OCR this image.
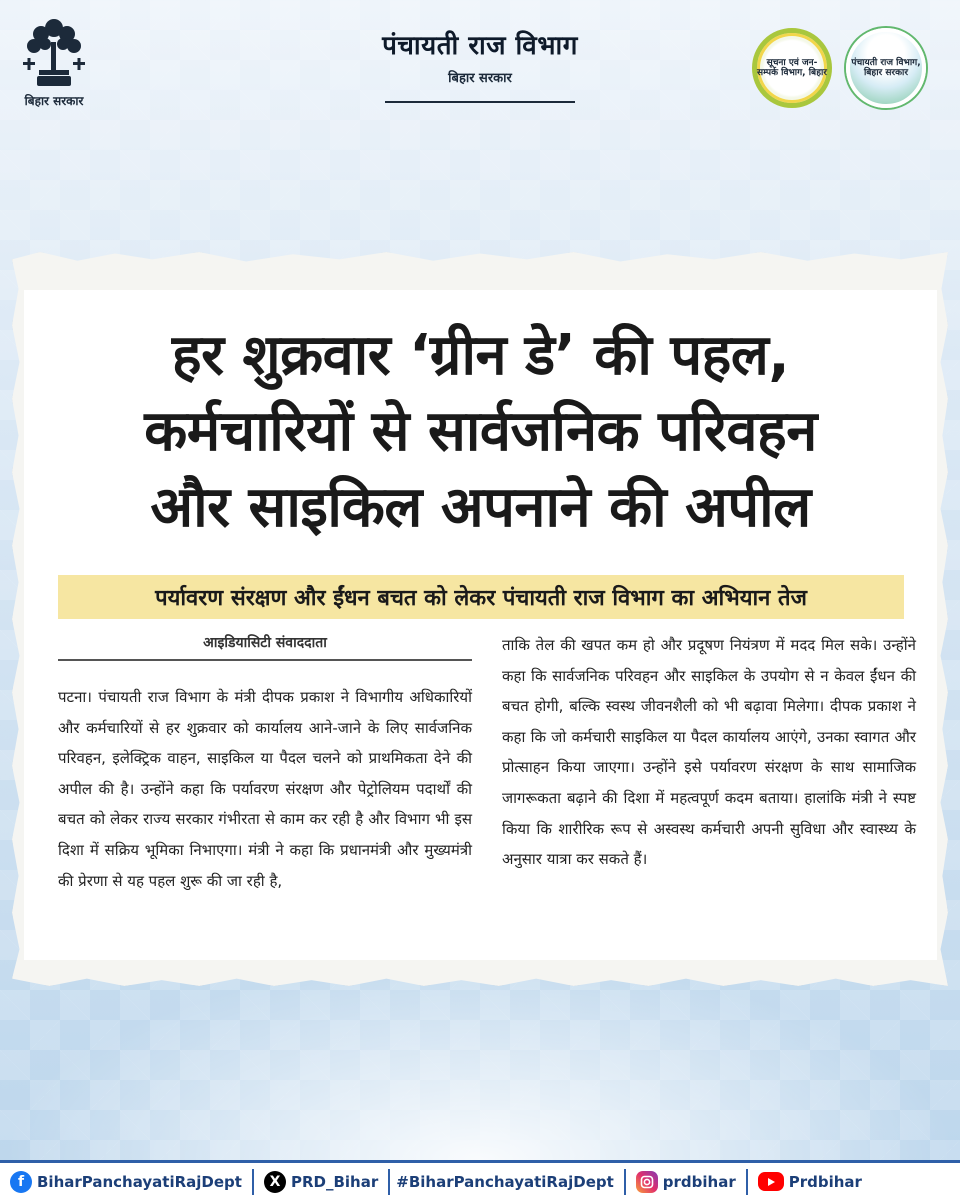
बिहार सरकार
पंचायती राज विभाग
बिहार सरकार
सूचना एवं जन-सम्पर्क विभाग, बिहार
पंचायती राज विभाग, बिहार सरकार
हर शुक्रवार ‘ग्रीन डे’ की पहल,
कर्मचारियों से सार्वजनिक परिवहन
और साइकिल अपनाने की अपील
पर्यावरण संरक्षण और ईंधन बचत को लेकर पंचायती राज विभाग का अभियान तेज
आइडियासिटी संवाददाता
पटना। पंचायती राज विभाग के मंत्री दीपक प्रकाश ने विभागीय अधिकारियों और कर्मचारियों से हर शुक्रवार को कार्यालय आने-जाने के लिए सार्वजनिक परिवहन, इलेक्ट्रिक वाहन, साइकिल या पैदल चलने को प्राथमिकता देने की अपील की है। उन्होंने कहा कि पर्यावरण संरक्षण और पेट्रोलियम पदार्थों की बचत को लेकर राज्य सरकार गंभीरता से काम कर रही है और विभाग भी इस दिशा में सक्रिय भूमिका निभाएगा। मंत्री ने कहा कि प्रधानमंत्री और मुख्यमंत्री की प्रेरणा से यह पहल शुरू की जा रही है,
ताकि तेल की खपत कम हो और प्रदूषण नियंत्रण में मदद मिल सके। उन्होंने कहा कि सार्वजनिक परिवहन और साइकिल के उपयोग से न केवल ईंधन की बचत होगी, बल्कि स्वस्थ जीवनशैली को भी बढ़ावा मिलेगा। दीपक प्रकाश ने कहा कि जो कर्मचारी साइकिल या पैदल कार्यालय आएंगे, उनका स्वागत और प्रोत्साहन किया जाएगा। उन्होंने इसे पर्यावरण संरक्षण के साथ सामाजिक जागरूकता बढ़ाने की दिशा में महत्वपूर्ण कदम बताया। हालांकि मंत्री ने स्पष्ट किया कि शारीरिक रूप से अस्वस्थ कर्मचारी अपनी सुविधा और स्वास्थ्य के अनुसार यात्रा कर सकते हैं।
f BiharPanchayatiRajDept	X PRD_Bihar #BiharPanchayatiRajDept	prdbihar	Prdbihar
